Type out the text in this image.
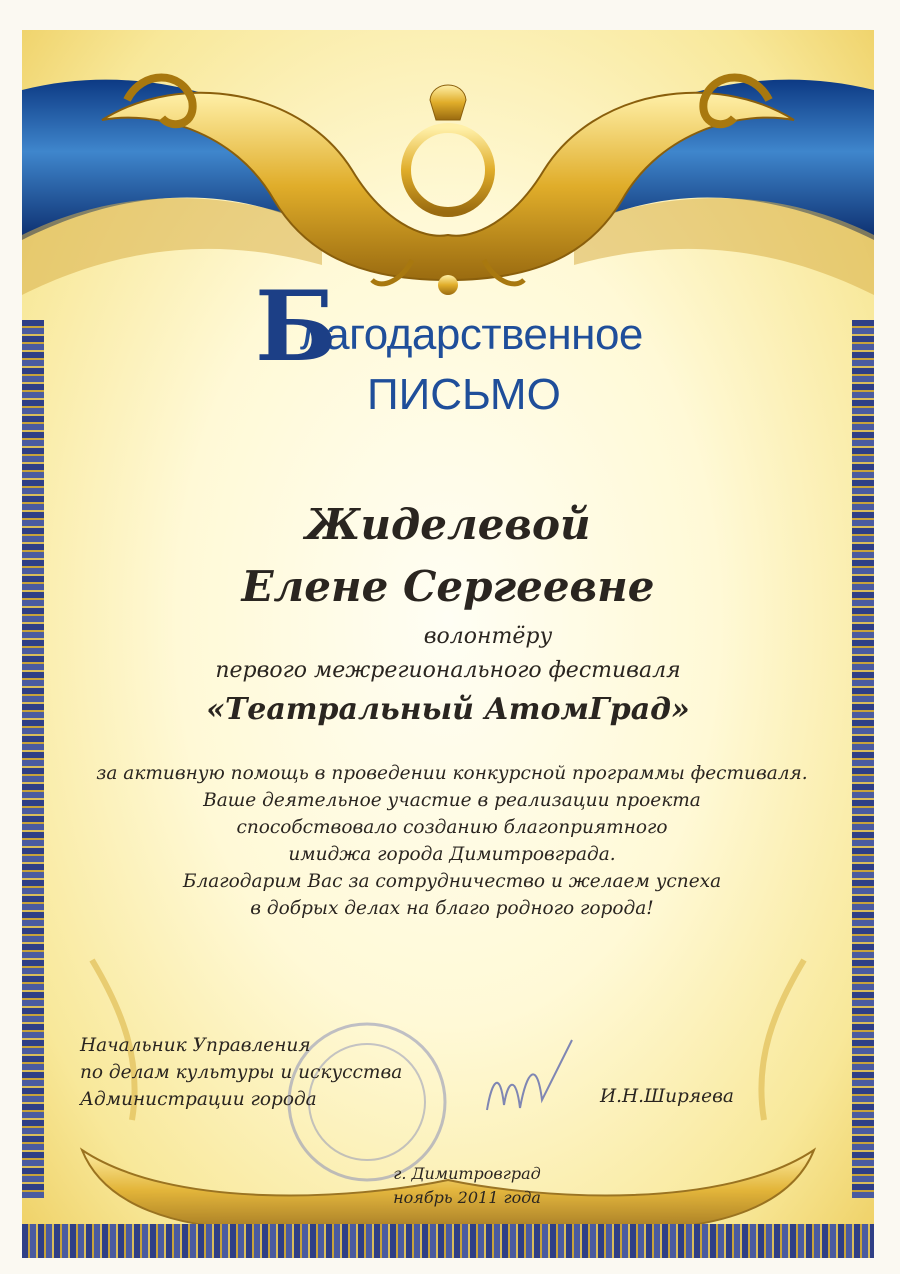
Б
лагодарственное
ПИСЬМО
Жиделевой
Елене Сергеевне
волонтёру
первого межрегионального фестиваля
«Театральный АтомГрад»
за активную помощь в проведении конкурсной программы фестиваля.
Ваше деятельное участие в реализации проекта
способствовало созданию благоприятного
имиджа города Димитровграда.
Благодарим Вас за сотрудничество и желаем успеха
в добрых делах на благо родного города!
Начальник Управления
по делам культуры и искусства
Администрации города	И.Н.Ширяева
г. Димитровград
ноябрь 2011 года
